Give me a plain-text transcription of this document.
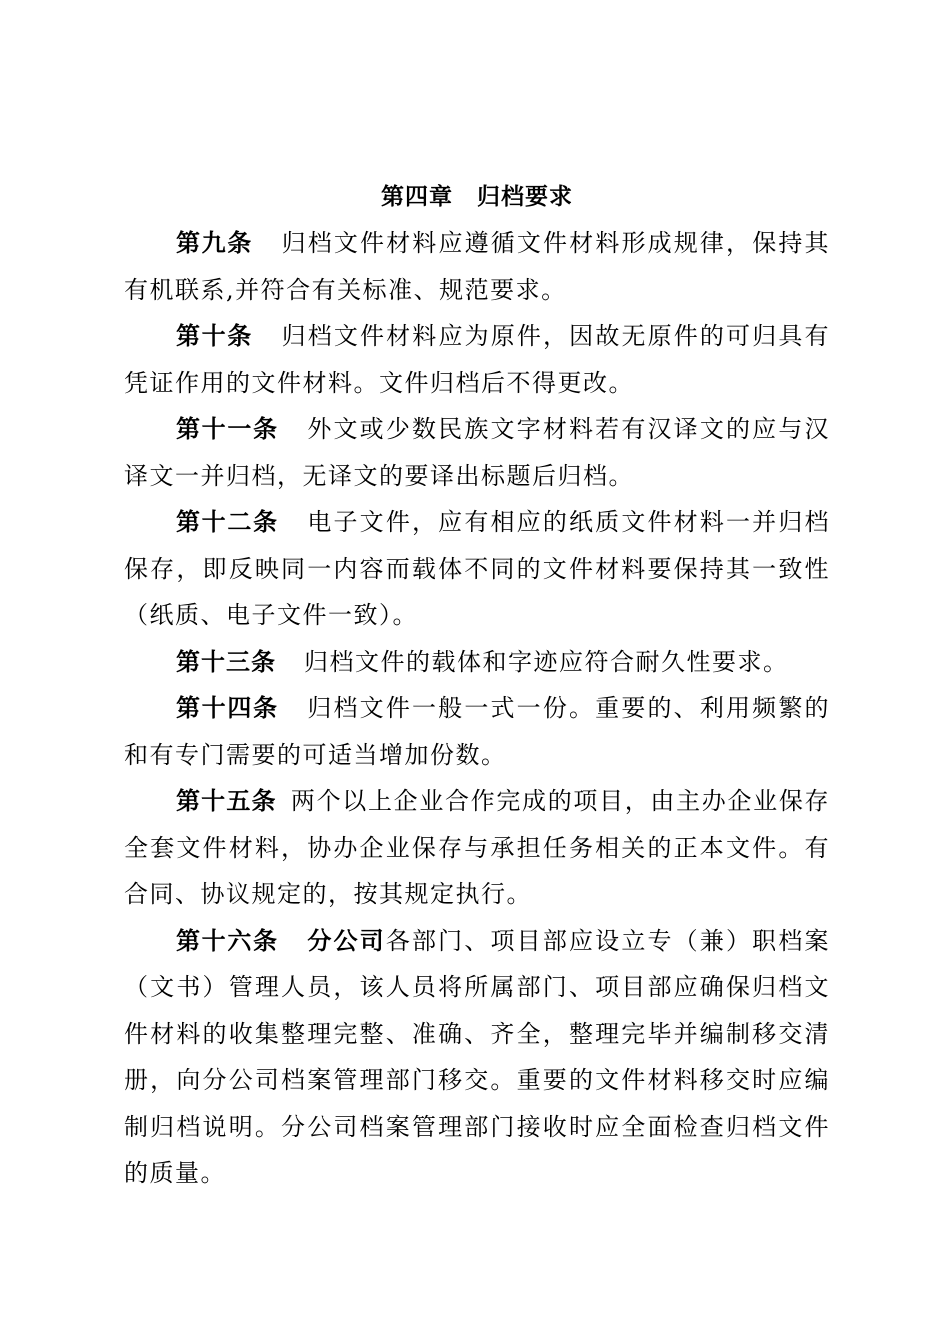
第四章　归档要求

第九条 归档文件材料应遵循文件材料形成规律，保持其有机联系,并符合有关标准、规范要求。

第十条 归档文件材料应为原件，因故无原件的可归具有凭证作用的文件材料。文件归档后不得更改。

第十一条 外文或少数民族文字材料若有汉译文的应与汉译文一并归档，无译文的要译出标题后归档。

第十二条 电子文件，应有相应的纸质文件材料一并归档保存，即反映同一内容而载体不同的文件材料要保持其一致性（纸质、电子文件一致）。

第十三条 归档文件的载体和字迹应符合耐久性要求。

第十四条 归档文件一般一式一份。重要的、利用频繁的和有专门需要的可适当增加份数。

第十五条 两个以上企业合作完成的项目，由主办企业保存全套文件材料，协办企业保存与承担任务相关的正本文件。有合同、协议规定的，按其规定执行。

第十六条 分公司各部门、项目部应设立专（兼）职档案（文书）管理人员，该人员将所属部门、项目部应确保归档文件材料的收集整理完整、准确、齐全，整理完毕并编制移交清册，向分公司档案管理部门移交。重要的文件材料移交时应编制归档说明。分公司档案管理部门接收时应全面检查归档文件的质量。
